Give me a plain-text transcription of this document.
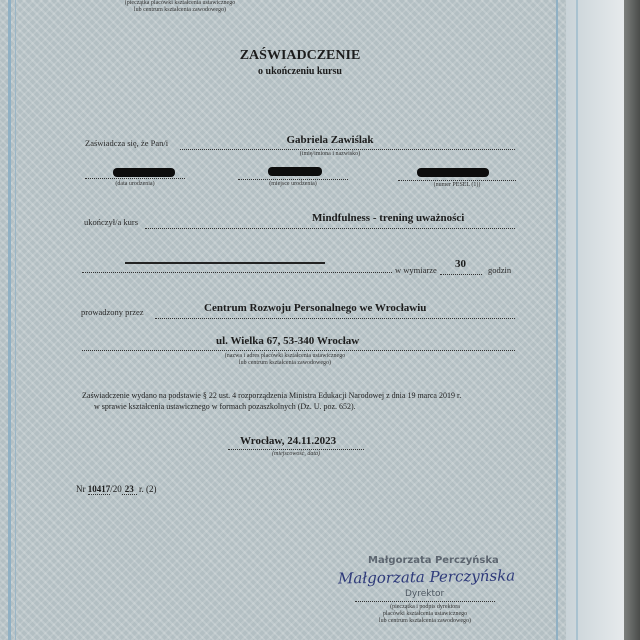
(pieczątka placówki kształcenia ustawicznego
lub centrum kształcenia zawodowego)
ZAŚWIADCZENIE
o ukończeniu kursu
Zaświadcza się, że Pan/i	Gabriela Zawiślak
(imię/imiona i nazwisko)
(data urodzenia)	(miejsce urodzenia)	(numer PESEL (1))
ukończył/a kurs	Mindfulness - trening uważności
w wymiarze 30	godzin
prowadzony przez	Centrum Rozwoju Personalnego we Wrocławiu
ul. Wielka 67, 53-340 Wrocław
(nazwa i adres placówki kształcenia ustawicznego
lub centrum kształcenia zawodowego)
Zaświadczenie wydano na podstawie § 22 ust. 4 rozporządzenia Ministra Edukacji Narodowej z dnia 19 marca 2019 r.
w sprawie kształcenia ustawicznego w formach pozaszkolnych (Dz. U. poz. 652).
Wrocław, 24.11.2023
(miejscowość, data)
Nr 10417/20 23 r. (2)
Małgorzata Perczyńska
Małgorzata Perczyńska
Dyrektor
(pieczątka i podpis dyrektora
placówki kształcenia ustawicznego
lub centrum kształcenia zawodowego)
